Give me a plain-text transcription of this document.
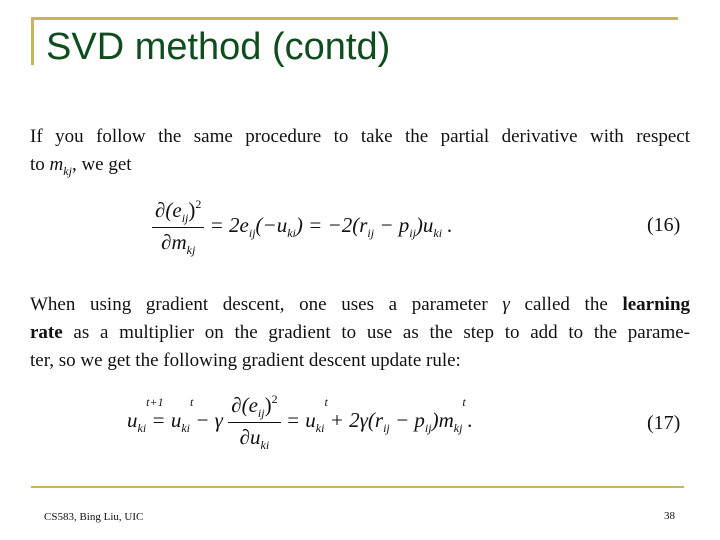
SVD method (contd)

If you follow the same procedure to take the partial derivative with respect
to $m_{kj}$, we get

$\frac{\partial(e_{ij})^2}{\partial m_{kj}} = 2e_{ij}(-u_{ki}) = -2(r_{ij} - p_{ij})u_{ki}$ .	(16)

When using gradient descent, one uses a parameter γ called the learning
rate as a multiplier on the gradient to use as the step to add to the parame-
ter, so we get the following gradient descent update rule:

u
t+1
$_{ki}$ = u
t
$_{ki}$ − γ $\frac{\partial(e_{ij})^2}{\partial u_{ki}} = u$
t
$_{ki} + 2\gamma(r_{ij} - p_{ij})m$
t
$_{kj}$ .	(17)
CS583, Bing Liu, UIC	38
